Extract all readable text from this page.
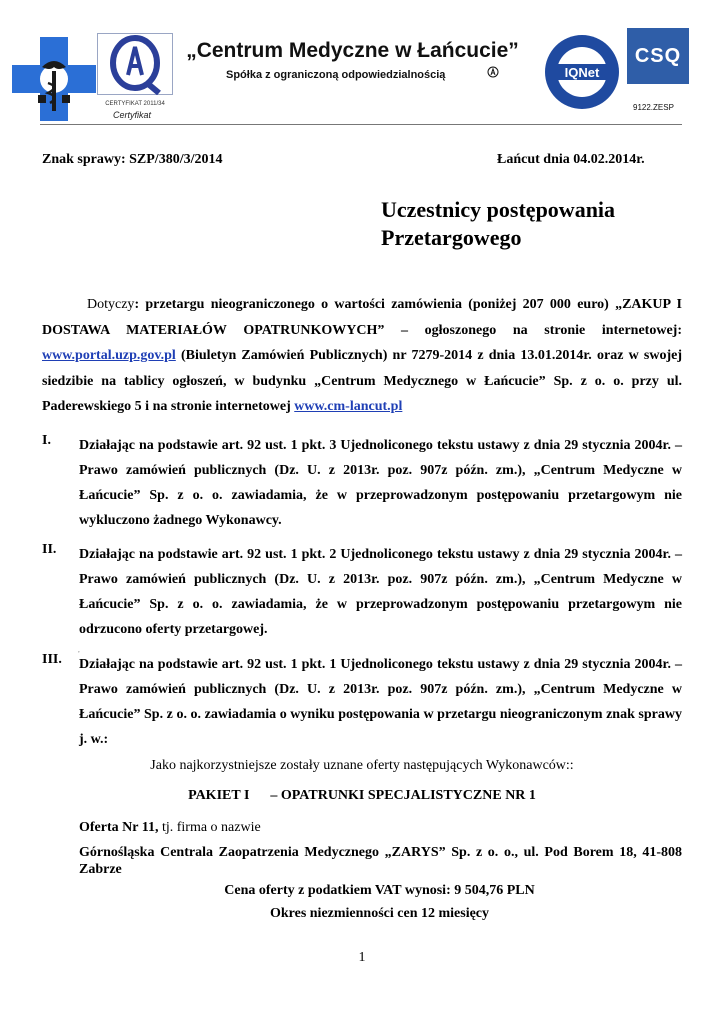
CERTYFIKAT 2011/34
Certyfikat
„Centrum Medyczne w Łańcucie”
Spółka z ograniczoną odpowiedzialnością	IQNet
CSQ
9122.ZESP
Znak sprawy: SZP/380/3/2014	Łańcut dnia 04.02.2014r.
Uczestnicy postępowania
Przetargowego
Dotyczy: przetargu nieograniczonego o wartości zamówienia (poniżej 207 000 euro) „ZAKUP I DOSTAWA MATERIAŁÓW OPATRUNKOWYCH” – ogłoszonego na stronie internetowej: www.portal.uzp.gov.pl (Biuletyn Zamówień Publicznych) nr 7279-2014 z dnia 13.01.2014r. oraz w swojej siedzibie na tablicy ogłoszeń, w budynku „Centrum Medycznego w Łańcucie” Sp. z o. o. przy ul. Paderewskiego 5 i na stronie internetowej www.cm-lancut.pl
I. Działając na podstawie art. 92 ust. 1 pkt. 3 Ujednoliconego tekstu ustawy z dnia 29 stycznia 2004r. – Prawo zamówień publicznych (Dz. U. z 2013r. poz. 907z późn. zm.), „Centrum Medyczne w Łańcucie” Sp. z o. o. zawiadamia, że w przeprowadzonym postępowaniu przetargowym nie wykluczono żadnego Wykonawcy.

II. Działając na podstawie art. 92 ust. 1 pkt. 2 Ujednoliconego tekstu ustawy z dnia 29 stycznia 2004r. – Prawo zamówień publicznych (Dz. U. z 2013r. poz. 907z późn. zm.), „Centrum Medyczne w Łańcucie” Sp. z o. o. zawiadamia, że w przeprowadzonym postępowaniu przetargowym nie odrzucono oferty przetargowej.

,
III. Działając na podstawie art. 92 ust. 1 pkt. 1 Ujednoliconego tekstu ustawy z dnia 29 stycznia 2004r. – Prawo zamówień publicznych (Dz. U. z 2013r. poz. 907z późn. zm.), „Centrum Medyczne w Łańcucie” Sp. z o. o. zawiadamia o wyniku postępowania w przetargu nieograniczonym znak sprawy j. w.:

Jako najkorzystniejsze zostały uznane oferty następujących Wykonawców::
PAKIET I      – OPATRUNKI SPECJALISTYCZNE NR 1
Oferta Nr 11, tj. firma o nazwie
Górnośląska Centrala Zaopatrzenia Medycznego „ZARYS” Sp. z o. o., ul. Pod Borem 18, 41-808 Zabrze
Cena oferty z podatkiem VAT wynosi: 9 504,76 PLN
Okres niezmienności cen 12 miesięcy
1
